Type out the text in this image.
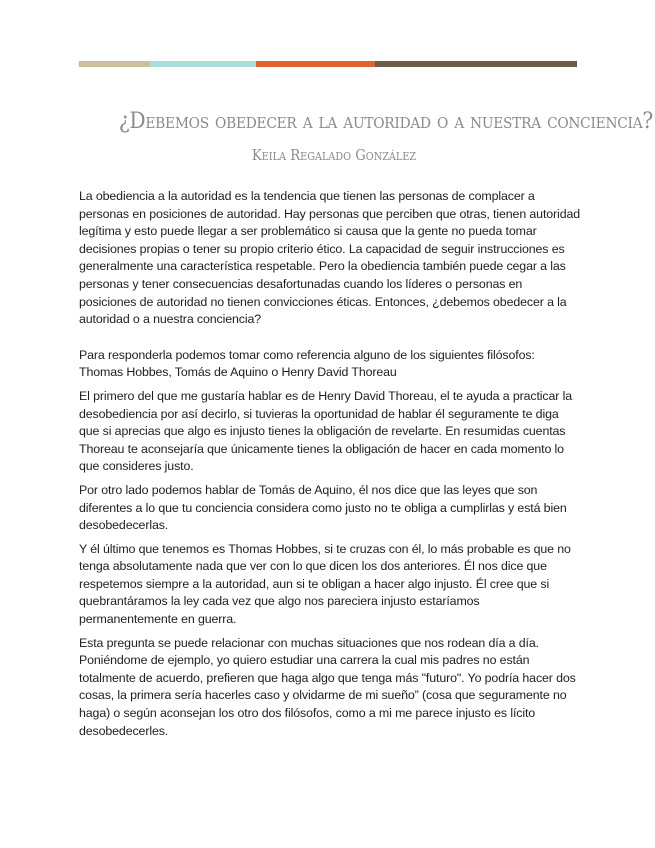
¿Debemos obedecer a la autoridad o a nuestra conciencia?
Keila Regalado González

La obediencia a la autoridad es la tendencia que tienen las personas de complacer a personas en posiciones de autoridad. Hay personas que perciben que otras, tienen autoridad legítima y esto puede llegar a ser problemático si causa que la gente no pueda tomar decisiones propias o tener su propio criterio ético. La capacidad de seguir instrucciones es generalmente una característica respetable. Pero la obediencia también puede cegar a las personas y tener consecuencias desafortunadas cuando los líderes o personas en posiciones de autoridad no tienen convicciones éticas. Entonces, ¿debemos obedecer a la autoridad o a nuestra conciencia?

Para responderla podemos tomar como referencia alguno de los siguientes filósofos: Thomas Hobbes, Tomás de Aquino o Henry David Thoreau

El primero del que me gustaría hablar es de Henry David Thoreau, el te ayuda a practicar la desobediencia por así decirlo, si tuvieras la oportunidad de hablar él seguramente te diga que si aprecias que algo es injusto tienes la obligación de revelarte. En resumidas cuentas Thoreau te aconsejaría que únicamente tienes la obligación de hacer en cada momento lo que consideres justo.

Por otro lado podemos hablar de Tomás de Aquino, él nos dice que las leyes que son diferentes a lo que tu conciencia considera como justo no te obliga a cumplirlas y está bien desobedecerlas.

Y él último que tenemos es Thomas Hobbes, si te cruzas con él, lo más probable es que no tenga absolutamente nada que ver con lo que dicen los dos anteriores. Él nos dice que respetemos siempre a la autoridad, aun si te obligan a hacer algo injusto. Él cree que si quebrantáramos la ley cada vez que algo nos pareciera injusto estaríamos permanentemente en guerra.

Esta pregunta se puede relacionar con muchas situaciones que nos rodean día a día. Poniéndome de ejemplo, yo quiero estudiar una carrera la cual mis padres no están totalmente de acuerdo, prefieren que haga algo que tenga más "futuro". Yo podría hacer dos cosas, la primera sería hacerles caso y olvidarme de mi sueño” (cosa que seguramente no haga) o según aconsejan los otro dos filósofos, como a mi me parece injusto es lícito desobedecerles.
